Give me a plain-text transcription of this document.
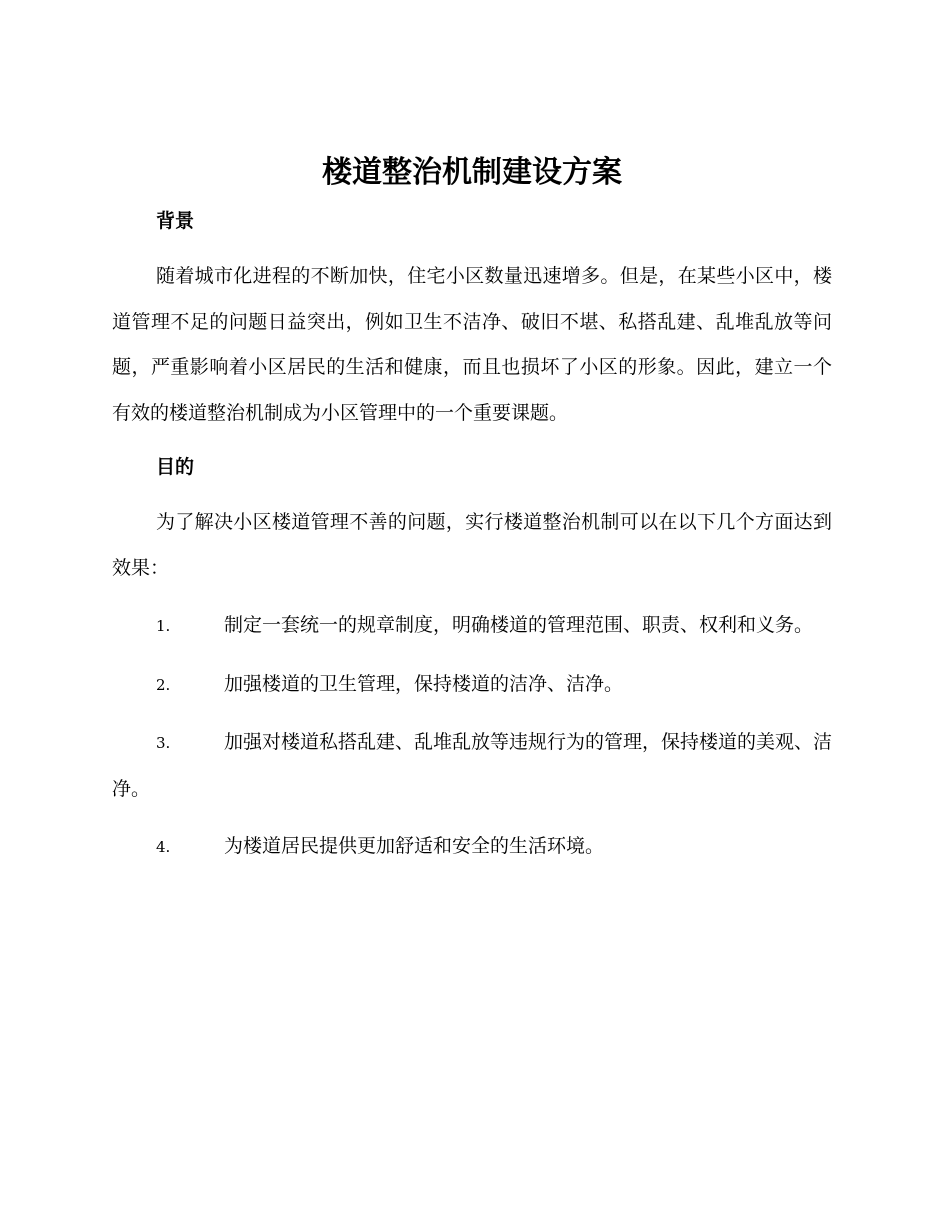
楼道整治机制建设方案
背景

随着城市化进程的不断加快，住宅小区数量迅速增多。但是，在某些小区中，楼道管理不足的问题日益突出，例如卫生不洁净、破旧不堪、私搭乱建、乱堆乱放等问题，严重影响着小区居民的生活和健康，而且也损坏了小区的形象。因此，建立一个有效的楼道整治机制成为小区管理中的一个重要课题。

目的

为了解决小区楼道管理不善的问题，实行楼道整治机制可以在以下几个方面达到效果：

1.	制定一套统一的规章制度，明确楼道的管理范围、职责、权利和义务。
2.	加强楼道的卫生管理，保持楼道的洁净、洁净。
3.	加强对楼道私搭乱建、乱堆乱放等违规行为的管理，保持楼道的美观、洁净。
4.	为楼道居民提供更加舒适和安全的生活环境。
